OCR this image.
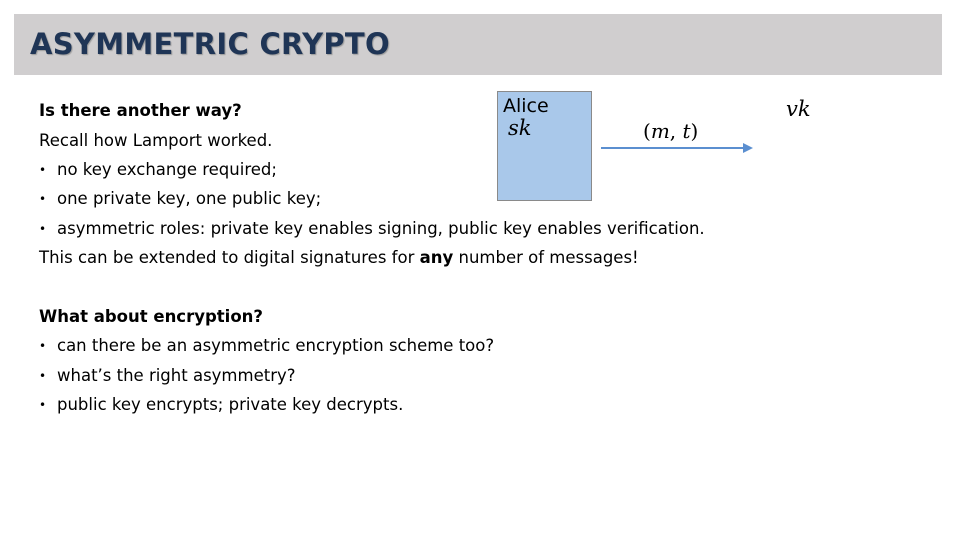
ASYMMETRIC CRYPTO
Is there another way?
Recall how Lamport worked.
• no key exchange required;
• one private key, one public key;
• asymmetric roles: private key enables signing, public key enables verification.
This can be extended to digital signatures for any number of messages!
What about encryption?
• can there be an asymmetric encryption scheme too?
• what’s the right asymmetry?
• public key encrypts; private key decrypts.
Alice
sk	(m, t)
vk
